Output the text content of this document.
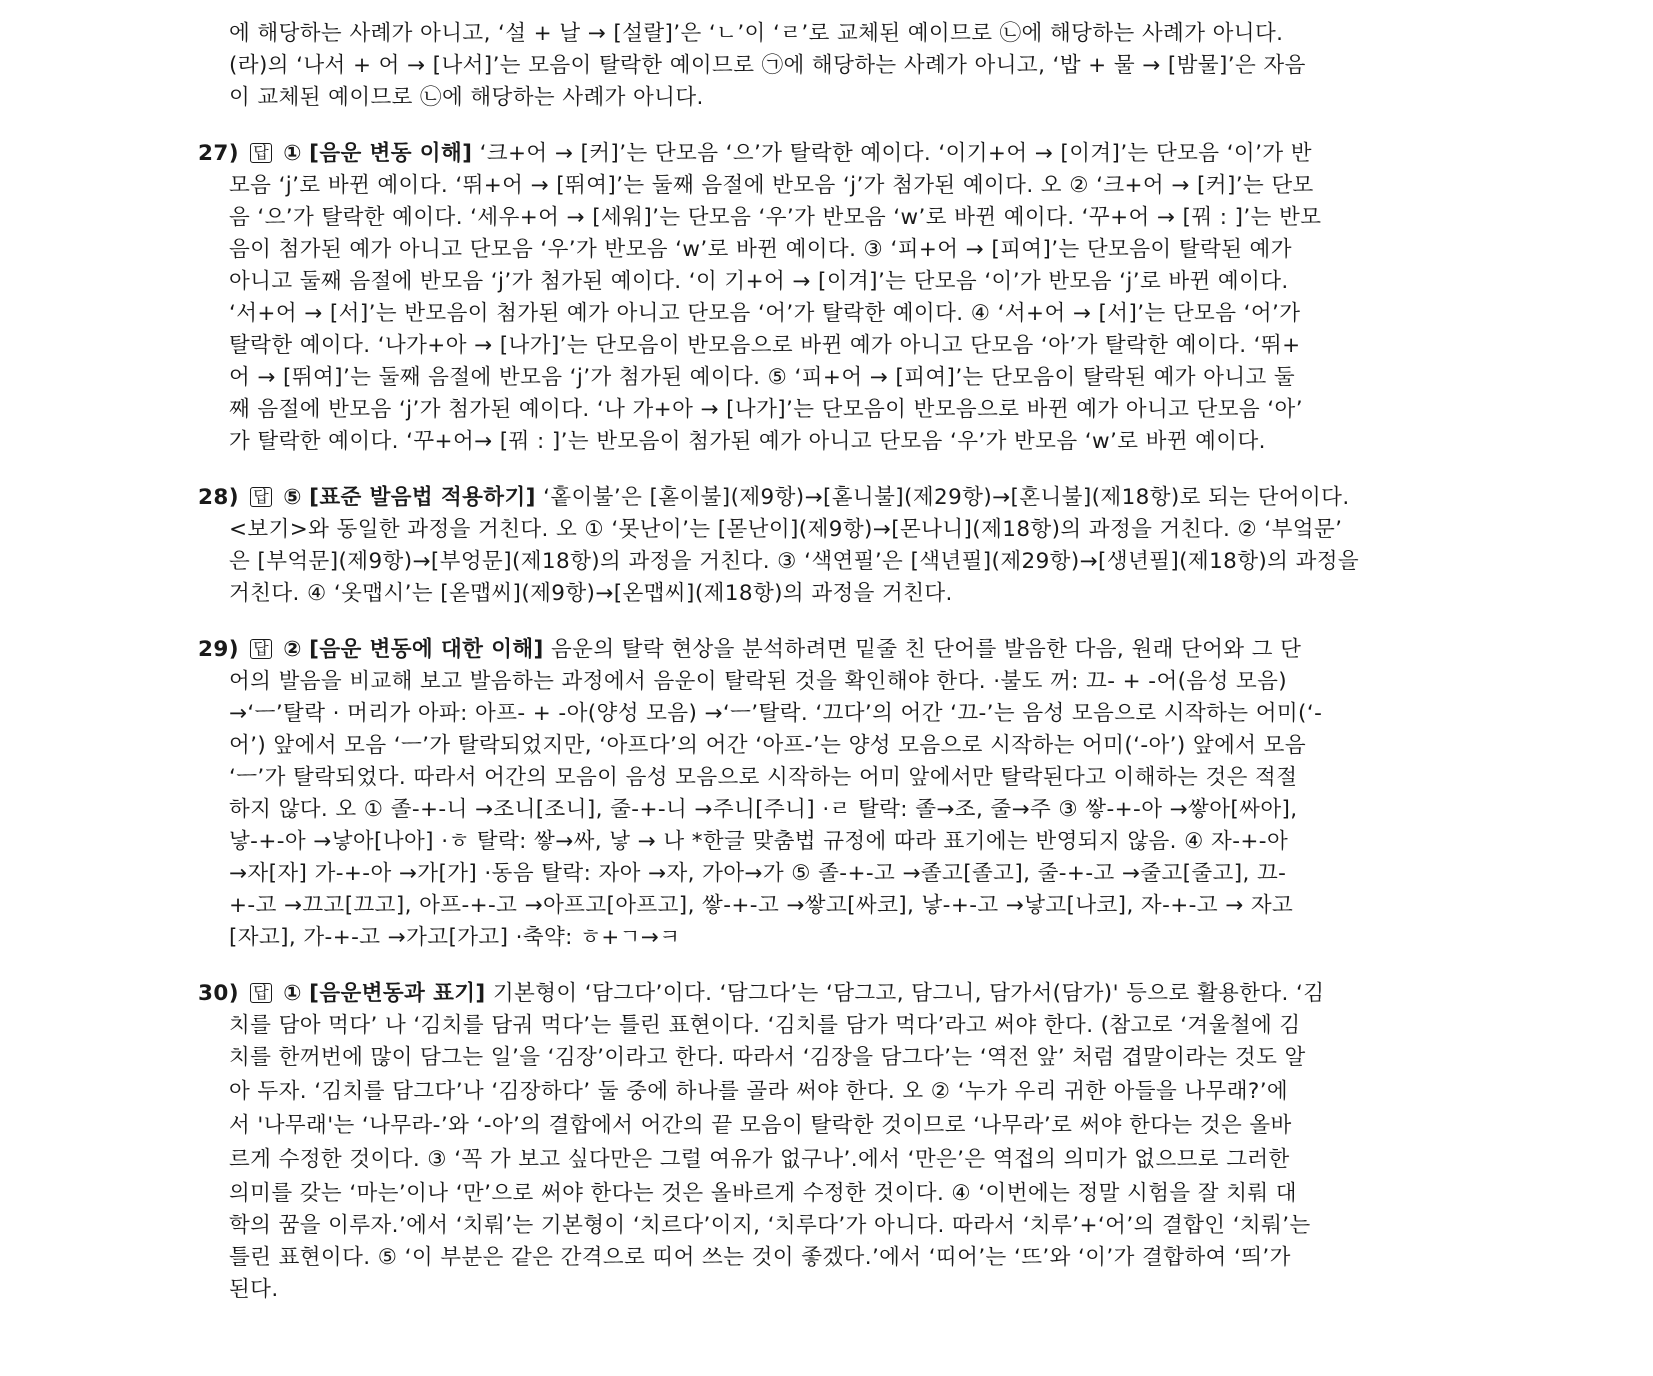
에 해당하는 사례가 아니고, ‘설 + 날 → [설랄]’은 ‘ㄴ’이 ‘ㄹ’로 교체된 예이므로 ㉡에 해당하는 사례가 아니다.
(라)의 ‘나서 + 어 → [나서]’는 모음이 탈락한 예이므로 ㉠에 해당하는 사례가 아니고, ‘밥 + 물 → [밤물]’은 자음
이 교체된 예이므로 ㉡에 해당하는 사례가 아니다.
27) 답 ① [음운 변동 이해] ‘크+어 → [커]’는 단모음 ‘으’가 탈락한 예이다. ‘이기+어 → [이겨]’는 단모음 ‘이’가 반
모음 ‘j’로 바뀐 예이다. ‘뛰+어 → [뛰여]’는 둘째 음절에 반모음 ‘j’가 첨가된 예이다. 오 ② ‘크+어 → [커]’는 단모
음 ‘으’가 탈락한 예이다. ‘세우+어 → [세워]’는 단모음 ‘우’가 반모음 ‘w’로 바뀐 예이다. ‘꾸+어 → [꿔 : ]’는 반모
음이 첨가된 예가 아니고 단모음 ‘우’가 반모음 ‘w’로 바뀐 예이다. ③ ‘피+어 → [피여]’는 단모음이 탈락된 예가
아니고 둘째 음절에 반모음 ‘j’가 첨가된 예이다. ‘이 기+어 → [이겨]’는 단모음 ‘이’가 반모음 ‘j’로 바뀐 예이다.
‘서+어 → [서]’는 반모음이 첨가된 예가 아니고 단모음 ‘어’가 탈락한 예이다. ④ ‘서+어 → [서]’는 단모음 ‘어’가
탈락한 예이다. ‘나가+아 → [나가]’는 단모음이 반모음으로 바뀐 예가 아니고 단모음 ‘아’가 탈락한 예이다. ‘뛰+
어 → [뛰여]’는 둘째 음절에 반모음 ‘j’가 첨가된 예이다. ⑤ ‘피+어 → [피여]’는 단모음이 탈락된 예가 아니고 둘
째 음절에 반모음 ‘j’가 첨가된 예이다. ‘나 가+아 → [나가]’는 단모음이 반모음으로 바뀐 예가 아니고 단모음 ‘아’
가 탈락한 예이다. ‘꾸+어→ [꿔 : ]’는 반모음이 첨가된 예가 아니고 단모음 ‘우’가 반모음 ‘w’로 바뀐 예이다.
28) 답 ⑤ [표준 발음법 적용하기] ‘홑이불’은 [혿이불](제9항)→[혿니불](제29항)→[혼니불](제18항)로 되는 단어이다.
<보기>와 동일한 과정을 거친다. 오 ① ‘못난이’는 [몯난이](제9항)→[몬나니](제18항)의 과정을 거친다. ② ‘부엌문’
은 [부억문](제9항)→[부엉문](제18항)의 과정을 거친다. ③ ‘색연필’은 [색년필](제29항)→[생년필](제18항)의 과정을
거친다. ④ ‘옷맵시’는 [옫맵씨](제9항)→[온맵씨](제18항)의 과정을 거친다.
29) 답 ② [음운 변동에 대한 이해] 음운의 탈락 현상을 분석하려면 밑줄 친 단어를 발음한 다음, 원래 단어와 그 단
어의 발음을 비교해 보고 발음하는 과정에서 음운이 탈락된 것을 확인해야 한다. ·불도 꺼: 끄- + -어(음성 모음)
→‘ㅡ’탈락 · 머리가 아파: 아프- + -아(양성 모음) →‘ㅡ’탈락. ‘끄다’의 어간 ‘끄-’는 음성 모음으로 시작하는 어미(‘-
어’) 앞에서 모음 ‘ㅡ’가 탈락되었지만, ‘아프다’의 어간 ‘아프-’는 양성 모음으로 시작하는 어미(‘-아’) 앞에서 모음
‘ㅡ’가 탈락되었다. 따라서 어간의 모음이 음성 모음으로 시작하는 어미 앞에서만 탈락된다고 이해하는 것은 적절
하지 않다. 오 ① 졸-+-니 →조니[조니], 줄-+-니 →주니[주니] ·ㄹ 탈락: 졸→조, 줄→주 ③ 쌓-+-아 →쌓아[싸아],
낳-+-아 →낳아[나아] ·ㅎ 탈락: 쌓→싸, 낳 → 나 *한글 맞춤법 규정에 따라 표기에는 반영되지 않음. ④ 자-+-아
→자[자] 가-+-아 →가[가] ·동음 탈락: 자아 →자, 가아→가 ⑤ 졸-+-고 →졸고[졸고], 줄-+-고 →줄고[줄고], 끄-
+-고 →끄고[끄고], 아프-+-고 →아프고[아프고], 쌓-+-고 →쌓고[싸코], 낳-+-고 →낳고[나코], 자-+-고 → 자고
[자고], 가-+-고 →가고[가고] ·축약: ㅎ+ㄱ→ㅋ
30) 답 ① [음운변동과 표기] 기본형이 ‘담그다’이다. ‘담그다’는 ‘담그고, 담그니, 담가서(담가)' 등으로 활용한다. ‘김
치를 담아 먹다’ 나 ‘김치를 담궈 먹다’는 틀린 표현이다. ‘김치를 담가 먹다’라고 써야 한다. (참고로 ‘겨울철에 김
치를 한꺼번에 많이 담그는 일’을 ‘김장’이라고 한다. 따라서 ‘김장을 담그다’는 ‘역전 앞’ 처럼 겹말이라는 것도 알
아 두자. ‘김치를 담그다’나 ‘김장하다’ 둘 중에 하나를 골라 써야 한다. 오 ② ‘누가 우리 귀한 아들을 나무래?’에
서 '나무래'는 ‘나무라-’와 ‘-아’의 결합에서 어간의 끝 모음이 탈락한 것이므로 ‘나무라’로 써야 한다는 것은 올바
르게 수정한 것이다. ③ ‘꼭 가 보고 싶다만은 그럴 여유가 없구나’.에서 ‘만은’은 역접의 의미가 없으므로 그러한
의미를 갖는 ‘마는’이나 ‘만’으로 써야 한다는 것은 올바르게 수정한 것이다. ④ ‘이번에는 정말 시험을 잘 치뤄 대
학의 꿈을 이루자.’에서 ‘치뤄’는 기본형이 ‘치르다’이지, ‘치루다’가 아니다. 따라서 ‘치루’+‘어’의 결합인 ‘치뤄’는
틀린 표현이다. ⑤ ‘이 부분은 같은 간격으로 띠어 쓰는 것이 좋겠다.’에서 ‘띠어’는 ‘뜨’와 ‘이’가 결합하여 ‘띄’가
된다.
